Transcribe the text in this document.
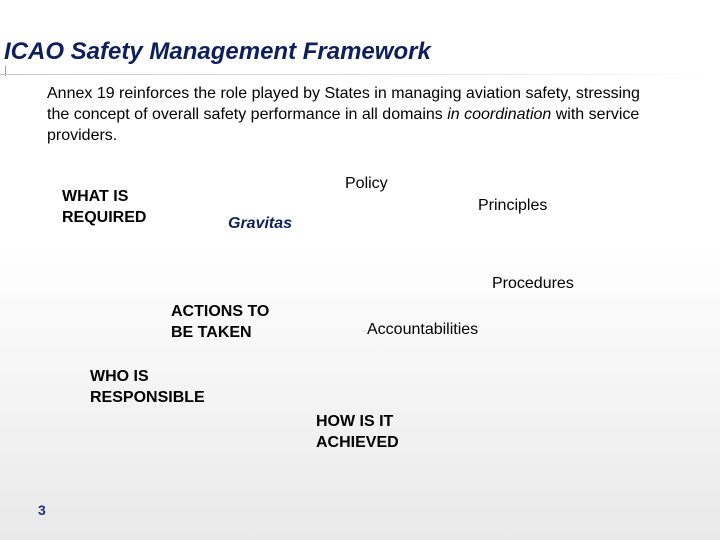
ICAO Safety Management Framework

Annex 19 reinforces the role played by States in managing aviation safety, stressing the concept of overall safety performance in all domains in coordination with service providers.

WHAT IS
REQUIRED	Gravitas
Policy
Principles
Procedures
ACTIONS TO
BE TAKEN	Accountabilities
WHO IS
RESPONSIBLE
HOW IS IT
ACHIEVED
3
